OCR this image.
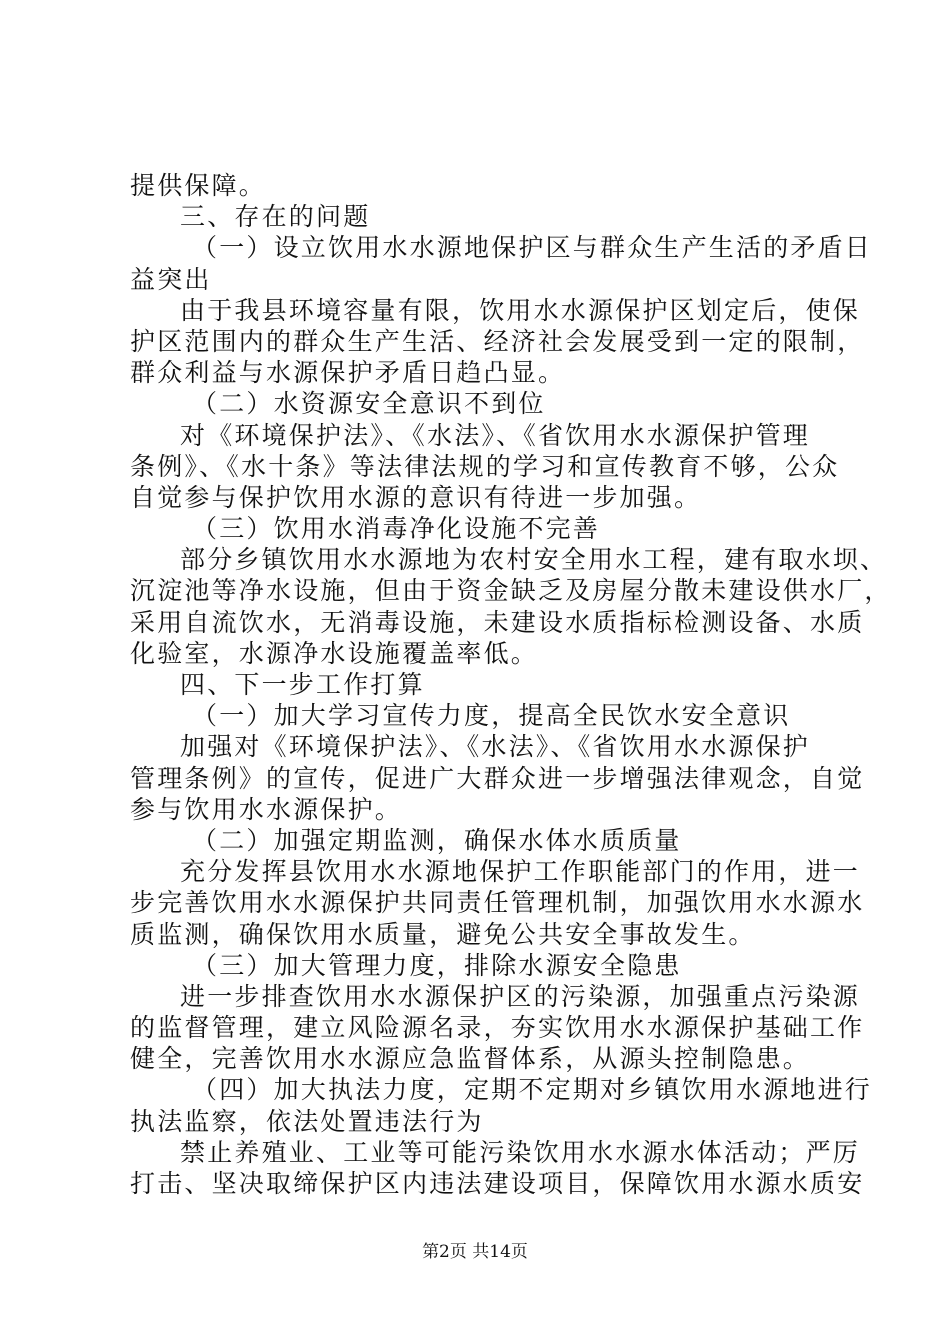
提供保障。
三、存在的问题
（一）设立饮用水水源地保护区与群众生产生活的矛盾日
益突出
由于我县环境容量有限，饮用水水源保护区划定后，使保
护区范围内的群众生产生活、经济社会发展受到一定的限制，
群众利益与水源保护矛盾日趋凸显。
（二）水资源安全意识不到位
对《环境保护法》、《水法》、《省饮用水水源保护管理
条例》、《水十条》等法律法规的学习和宣传教育不够，公众
自觉参与保护饮用水源的意识有待进一步加强。
（三）饮用水消毒净化设施不完善
部分乡镇饮用水水源地为农村安全用水工程，建有取水坝、
沉淀池等净水设施，但由于资金缺乏及房屋分散未建设供水厂，
采用自流饮水，无消毒设施，未建设水质指标检测设备、水质
化验室，水源净水设施覆盖率低。
四、下一步工作打算
（一）加大学习宣传力度，提高全民饮水安全意识
加强对《环境保护法》、《水法》、《省饮用水水源保护
管理条例》的宣传，促进广大群众进一步增强法律观念，自觉
参与饮用水水源保护。
（二）加强定期监测，确保水体水质质量
充分发挥县饮用水水源地保护工作职能部门的作用，进一
步完善饮用水水源保护共同责任管理机制，加强饮用水水源水
质监测，确保饮用水质量，避免公共安全事故发生。
（三）加大管理力度，排除水源安全隐患
进一步排查饮用水水源保护区的污染源，加强重点污染源
的监督管理，建立风险源名录，夯实饮用水水源保护基础工作
健全，完善饮用水水源应急监督体系，从源头控制隐患。
（四）加大执法力度，定期不定期对乡镇饮用水源地进行
执法监察，依法处置违法行为
禁止养殖业、工业等可能污染饮用水水源水体活动；严厉
打击、坚决取缔保护区内违法建设项目，保障饮用水源水质安
第2页 共14页
